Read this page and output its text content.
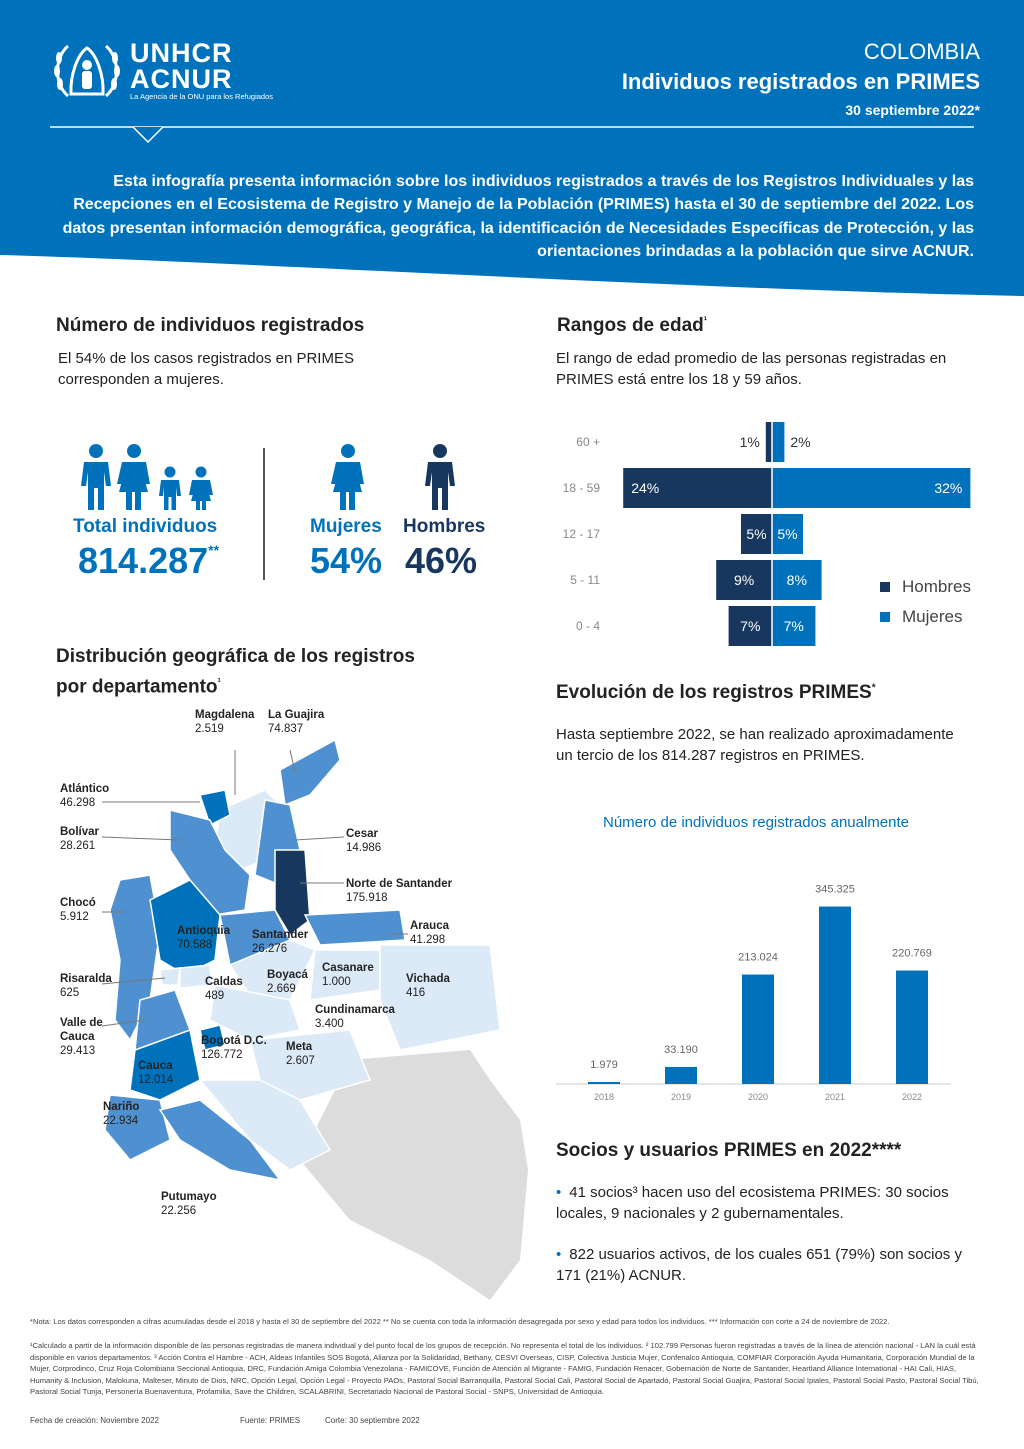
UNHCR
ACNUR
La Agencia de la ONU para los Refugiados
COLOMBIA
Individuos registrados en PRIMES
30 septiembre 2022*
Esta infografía presenta información sobre los individuos registrados a través de los Registros Individuales y las Recepciones en el Ecosistema de Registro y Manejo de la Población (PRIMES) hasta el 30 de septiembre del 2022. Los datos presentan información demográfica, geográfica, la identificación de Necesidades Específicas de Protección, y las orientaciones brindadas a la población que sirve ACNUR.
Número de individuos registrados
El 54% de los casos registrados en PRIMES corresponden a mujeres.
Total individuos
814.287**
Mujeres
54%
Hombres
46%
Rangos de edad$^{^1}$
El rango de edad promedio de las personas registradas en PRIMES está entre los 18 y 59 años.
60 +	1% 2%
18 - 59 24%	32%
12 - 17	5% 5%
5 - 11	9% 8%
0 - 4	7% 7%
Hombres
Mujeres
Distribución geográfica de los registros
por departamento$^{^1}$
Magdalena
2.519
La Guajira
74.837
Atlántico
46.298
Bolívar
28.261
Cesar
14.986
Norte de Santander
175.918
Chocó
5.912
Arauca
41.298
Antioquia
70.588
Santander
26.276
Risaralda
625
Caldas
489
Boyacá
2.669
Casanare
1.000	Vichada
416
Cundinamarca
3.400
Valle de
Cauca
29.413
Bogotá D.C.
126.772
Meta
2.607
Cauca
12.014
Nariño
22.934
Putumayo
22.256
Evolución de los registros PRIMES*
Hasta septiembre 2022, se han realizado aproximadamente un tercio de los 814.287 registros en PRIMES.
Número de individuos registrados anualmente
1.979
2018
33.190
2019
213.024
2020
345.325
2021
220.769
2022
Socios y usuarios PRIMES en 2022****
• 41 socios³ hacen uso del ecosistema PRIMES: 30 socios locales, 9 nacionales y 2 gubernamentales.
• 822 usuarios activos, de los cuales 651 (79%) son socios y 171 (21%) ACNUR.
*Nota: Los datos corresponden a cifras acumuladas desde el 2018 y hasta el 30 de septiembre del 2022 ** No se cuenta con toda la información desagregada por sexo y edad para todos los individuos. *** Información con corte a 24 de noviembre de 2022.
¹Calculado a partir de la información disponible de las personas registradas de manera individual y del punto focal de los grupos de recepción. No representa el total de los individuos. ² 102.799 Personas fueron registradas a través de la línea de atención nacional - LAN la cuál está disponible en varios departamentos. ³ Acción Contra el Hambre - ACH, Aldeas Infantiles SOS Bogotá, Alianza por la Solidaridad, Bethany, CESVI Overseas, CISP, Colectiva Justicia Mujer, Confenalco Antioquia, COMFIAR Corporación Ayuda Humanitaria, Corporación Mundial de la Mujer, Corprodinco, Cruz Roja Colombiana Seccional Antioquia, DRC, Fundación Amiga Colombia Venezolana - FAMICOVE, Función de Atención al Migrante - FAMIG, Fundación Renacer, Gobernación de Norte de Santander, Heartland Alliance International - HAI Cali, HIAS, Humanity & Inclusion, Malokuna, Malteser, Minuto de Dios, NRC, Opción Legal, Opción Legal - Proyecto PAOs, Pastoral Social Barranquilla, Pastoral Social Cali, Pastoral Social de Apartadó, Pastoral Social Guajira, Pastoral Social Ipiales, Pastoral Social Pasto, Pastoral Social Tibú, Pastoral Social Tunja, Personería Buenaventura, Profamilia, Save the Children, SCALABRINI, Secretariado Nacional de Pastoral Social - SNPS, Universidad de Antioquia.
Fecha de creación: Noviembre 2022	Fuente: PRIMES	Corte: 30 septiembre 2022
